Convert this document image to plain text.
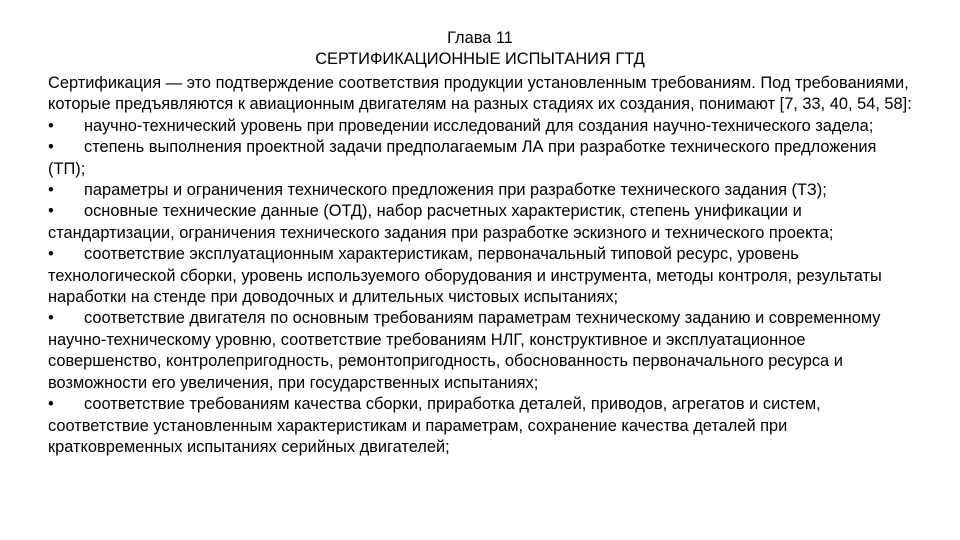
Глава 11
СЕРТИФИКАЦИОННЫЕ ИСПЫТАНИЯ ГТД

Сертификация — это подтверждение соответствия продукции установленным требованиям. Под требованиями, которые предъявляются к авиационным двигателям на разных стадиях их создания, понимают [7, 33, 40, 54, 58]:

• научно-технический уровень при проведении исследований для создания научно-технического задела;

• степень выполнения проектной задачи предполагаемым ЛА при разработке технического предложения (ТП);

• параметры и ограничения технического предложения при разработке технического задания (ТЗ);

• основные технические данные (ОТД), набор расчетных характеристик, степень унификации и стандартизации, ограничения технического задания при разработке эскизного и технического проекта;

• соответствие эксплуатационным характеристикам, первоначальный типовой ресурс, уровень технологической сборки, уровень используемого оборудования и инструмента, методы контроля, результаты наработки на стенде при доводочных и длительных чистовых испытаниях;

• соответствие двигателя по основным требованиям параметрам техническому заданию и современному научно-техническому уровню, соответствие требованиям НЛГ, конструктивное и эксплуатационное совершенство, контролепригодность, ремонтопригодность, обоснованность первоначального ресурса и возможности его увеличения, при государственных испытаниях;

• соответствие требованиям качества сборки, приработка деталей, приводов, агрегатов и систем, соответствие установленным характеристикам и параметрам, сохранение качества деталей при кратковременных испытаниях серийных двигателей;
